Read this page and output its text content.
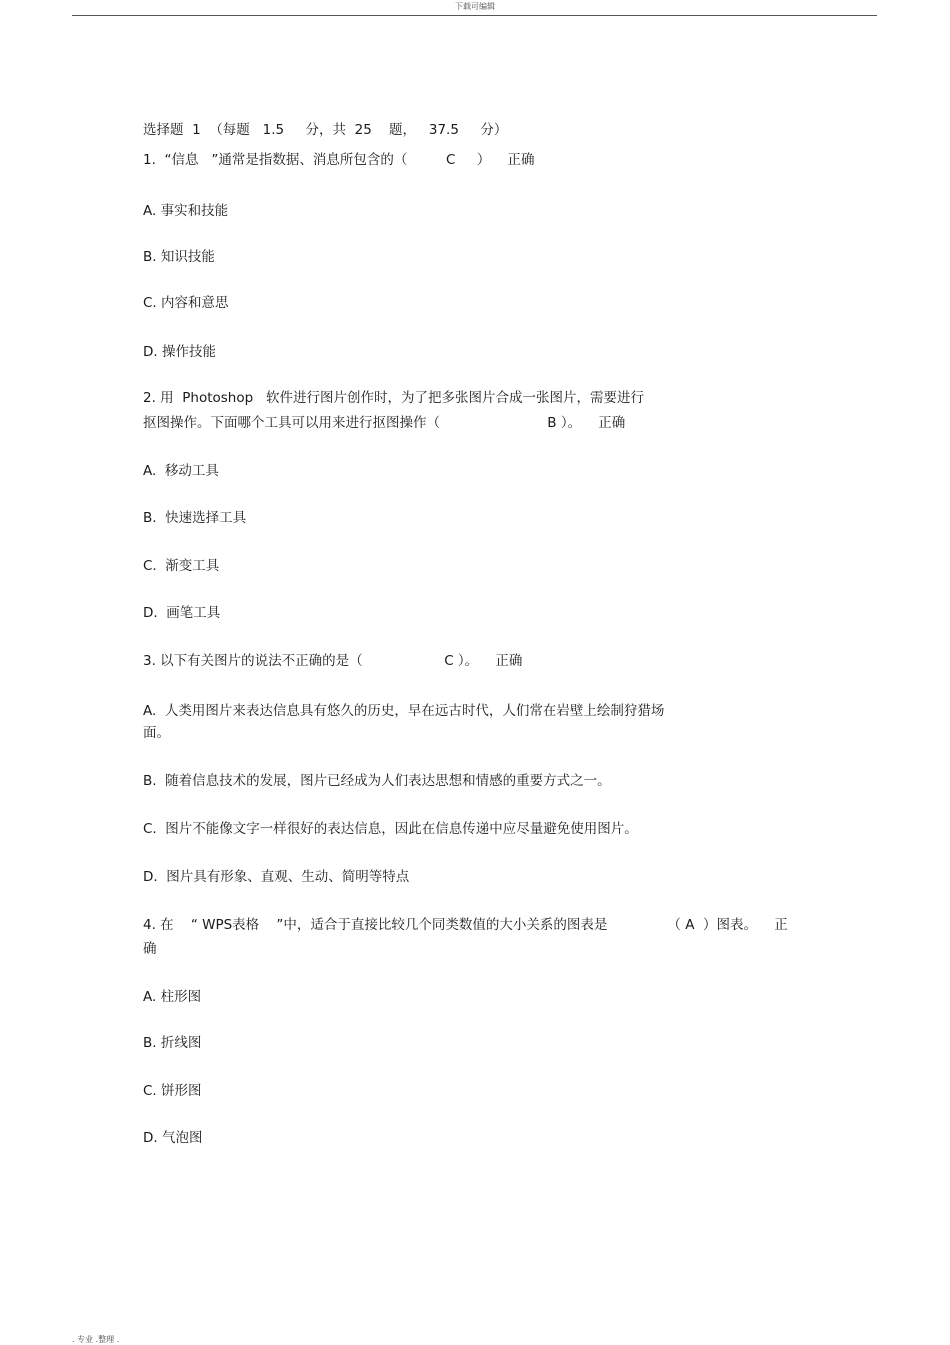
下载可编辑
选择题  1  （每题   1.5     分，共  25    题，   37.5     分）
1.  “信息   ”通常是指数据、消息所包含的（         C     ）    正确
A. 事实和技能
B. 知识技能
C. 内容和意思
D. 操作技能
2. 用  Photoshop   软件进行图片创作时，为了把多张图片合成一张图片，需要进行
抠图操作。下面哪个工具可以用来进行抠图操作（                         B ）。    正确
A.  移动工具
B.  快速选择工具
C.  渐变工具
D.  画笔工具
3. 以下有关图片的说法不正确的是（                   C ）。    正确
A.  人类用图片来表达信息具有悠久的历史，早在远古时代，人们常在岩壁上绘制狩猎场
面。
B.  随着信息技术的发展，图片已经成为人们表达思想和情感的重要方式之一。
C.  图片不能像文字一样很好的表达信息，因此在信息传递中应尽量避免使用图片。
D.  图片具有形象、直观、生动、简明等特点
4. 在    “ WPS表格    ”中，适合于直接比较几个同类数值的大小关系的图表是              （ A  ）图表。    正
确
A. 柱形图
B. 折线图
C. 饼形图
D. 气泡图
. 专业 .整理 .
